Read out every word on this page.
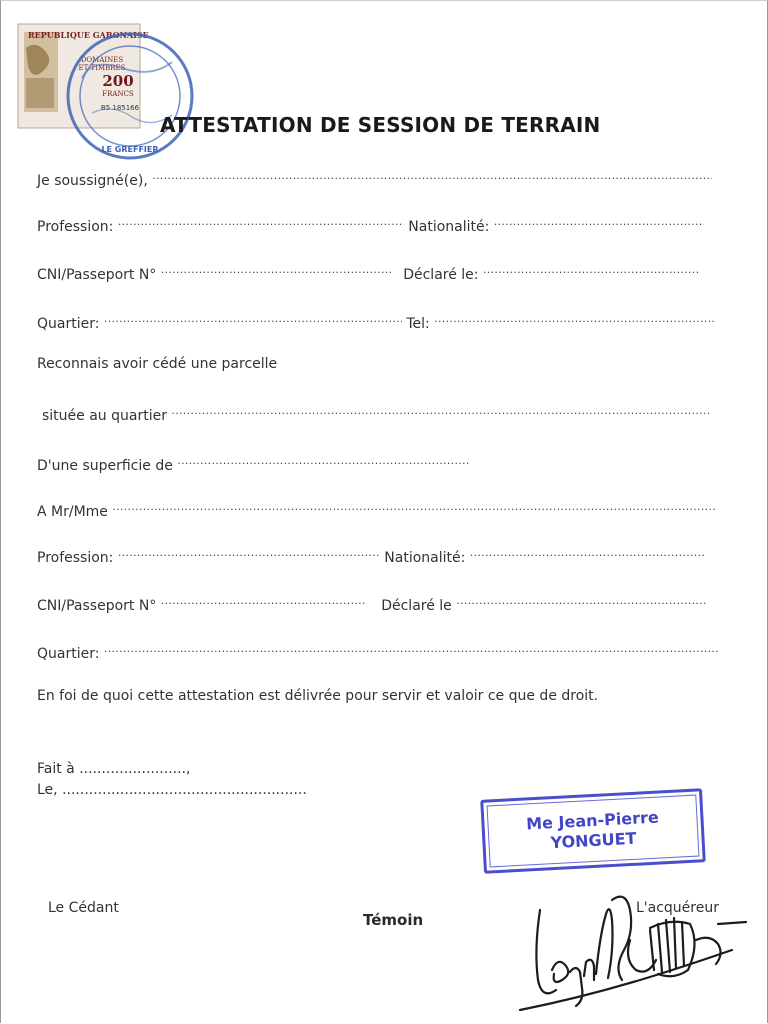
REPUBLIQUE GABONAISE
DOMAINES
ET TIMBRES
200
FRANCS
B5 185166
LE GREFFIER
ATTESTATION DE SESSION DE TERRAIN
Je soussigné(e), .....
Profession: .....	Nationalité: .....
CNI/Passeport N° .....	Déclaré le: .....
Quartier: .....	Tel: .....
Reconnais avoir cédé une parcelle
située au quartier .....
D'une superficie de .....
A Mr/Mme .....
Profession: .....	Nationalité: .....
CNI/Passeport N° .....	Déclaré le .....
Quartier: .....
En foi de quoi cette attestation est délivrée pour servir et valoir ce que de droit.
Fait à ........................,
Le, .......................................................
Me Jean-Pierre
YONGUET
Le Cédant
Témoin
L'acquéreur
